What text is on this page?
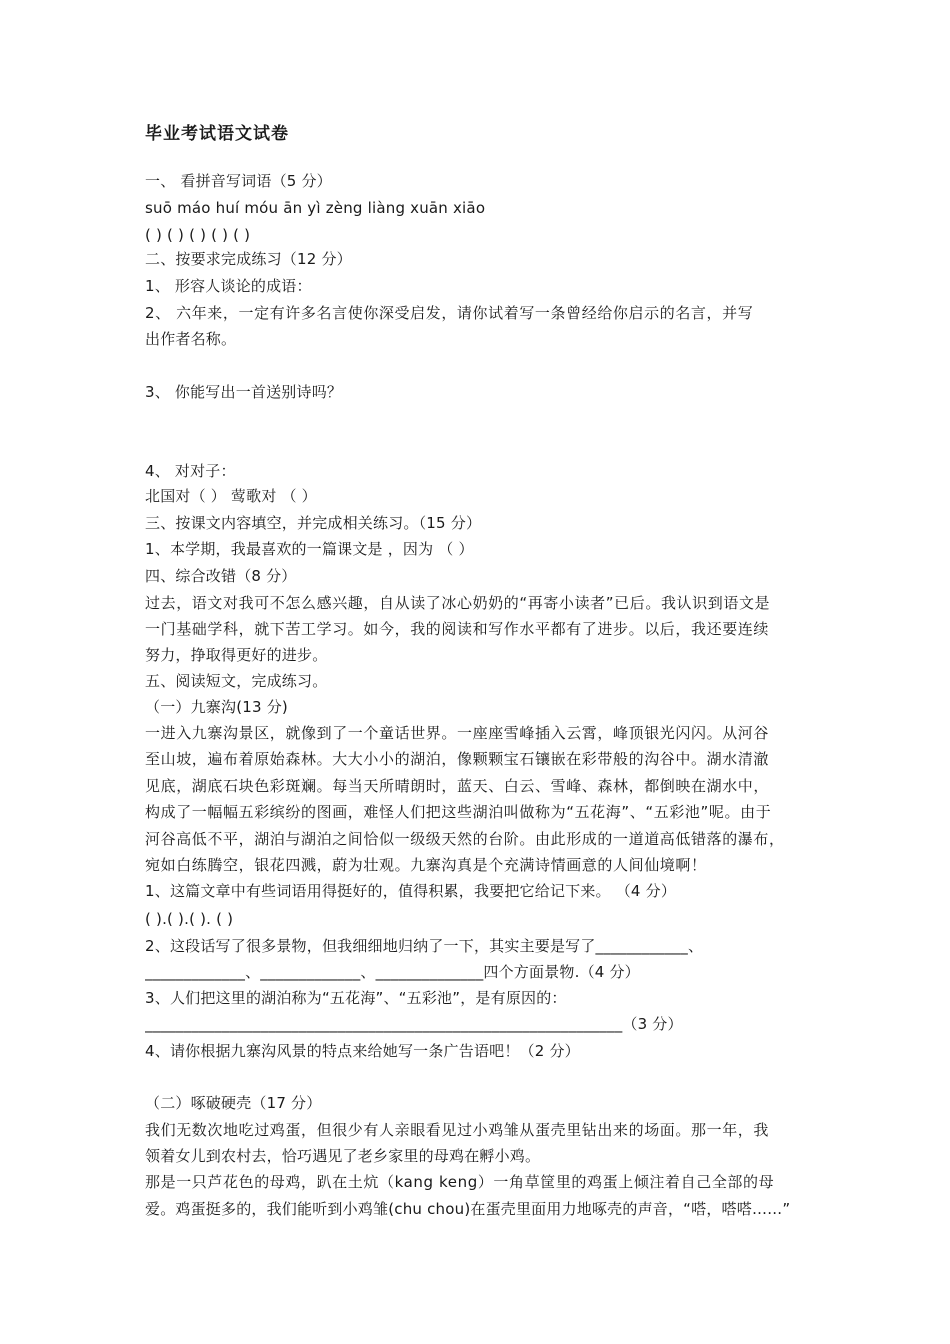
毕业考试语文试卷
一、 看拼音写词语（5 分）
suō máo huí móu ān yì zèng liàng xuān xiāo
( ) ( ) ( ) ( ) ( )
二、按要求完成练习（12 分）
1、 形容人谈论的成语：
2、 六年来，一定有许多名言使你深受启发，请你试着写一条曾经给你启示的名言，并写
出作者名称。
3、 你能写出一首送别诗吗？
4、 对对子：
北国对（ ） 莺歌对 （ ）
三、按课文内容填空，并完成相关练习。（15 分）
1、本学期，我最喜欢的一篇课文是 ，因为 （ ）
四、综合改错（8 分）
过去，语文对我可不怎么感兴趣，自从读了冰心奶奶的“再寄小读者”已后。我认识到语文是
一门基础学科，就下苦工学习。如今，我的阅读和写作水平都有了进步。以后，我还要连续
努力，挣取得更好的进步。
五、阅读短文，完成练习。
（一）九寨沟(13 分)
一进入九寨沟景区，就像到了一个童话世界。一座座雪峰插入云霄，峰顶银光闪闪。从河谷
至山坡，遍布着原始森林。大大小小的湖泊，像颗颗宝石镶嵌在彩带般的沟谷中。湖水清澈
见底，湖底石块色彩斑斓。每当天所晴朗时，蓝天、白云、雪峰、森林，都倒映在湖水中，
构成了一幅幅五彩缤纷的图画，难怪人们把这些湖泊叫做称为“五花海”、“五彩池”呢。由于
河谷高低不平，湖泊与湖泊之间恰似一级级天然的台阶。由此形成的一道道高低错落的瀑布，
宛如白练腾空，银花四溅，蔚为壮观。九寨沟真是个充满诗情画意的人间仙境啊！
1、这篇文章中有些词语用得挺好的，值得积累，我要把它给记下来。 （4 分）
( ).( ).( ). ( )
2、这段话写了很多景物，但我细细地归纳了一下，其实主要是写了____________、
_____________、_____________、______________四个方面景物.（4 分）
3、人们把这里的湖泊称为“五花海”、“五彩池”，是有原因的：
______________________________________________________________（3 分）
4、请你根据九寨沟风景的特点来给她写一条广告语吧！（2 分）
（二）啄破硬壳（17 分）
我们无数次地吃过鸡蛋，但很少有人亲眼看见过小鸡雏从蛋壳里钻出来的场面。那一年，我
领着女儿到农村去，恰巧遇见了老乡家里的母鸡在孵小鸡。
那是一只芦花色的母鸡，趴在土炕（kang keng）一角草筐里的鸡蛋上倾注着自己全部的母
爱。鸡蛋挺多的，我们能听到小鸡雏(chu chou)在蛋壳里面用力地啄壳的声音，“嗒，嗒嗒……”
